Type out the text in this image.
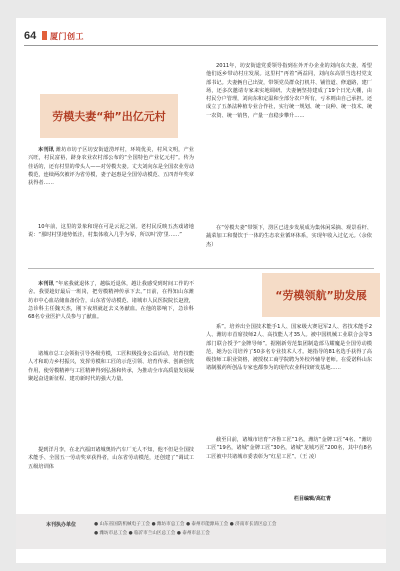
64 厦门创工
劳模夫妻“种”出亿元村
本刊讯 潍坊市坊子区坊安街道涝坪村，环境优美，村风文明，产业兴旺，村民富裕，跻身农业农村部公布的“全国特色产业亿元村”。传为佳话的，还有村里的带头人——对劳模夫妻。丈夫刘向东是全国农业劳动模范，连续两次被评为省劳模，妻子赵惠是全国劳动模范、五四青年奖章获得者……
10年前，这里的景象和现在可是云泥之别。老村民反映五杰戏诸地说：“那时村里地势低洼，村集体收入几乎为零，所以叫‘涝’里……”
2011年，坊安街道党委领导指到在外开办企业的刘向东夫妻，希望他们返乡带动村庄发展。这里村“再着”两益同，刘向东高票当选村党支部书记。夫妻俩自己出资，带领党员群众打机井、铺管道、修道路，建厂场，还多次邀请专家来实地调研。夫妻俩坚持建成了19个日光大棚，由村民分户管理，刘向东和定温和全部分农户所有，亏本则由自己承担。还成立了五条法种植专业合作社，实行统一规划、统一良种、统一技术、统一农资、统一销售，产量一直稳步攀升……
在“劳模夫妻”带领下，涝区已进步发展成为集休闲采摘、观景看杆、蔬菜加工和餐饮于一体的生态农业循环体系，实现年收入过亿元。（余依杰）
本刊讯 “年底我就退休了，越临近退休，越让我感受到时间工作的不舍。我要趁好最后一班岗，把劳模精神传承下去。”日前，在得知山东潍坊市中心血站储血备份告，山东省劳动模范、诸城市人民医院院长赵澄，急诊科主任魏天杰，刚下夜班就赶去义务献血。在他的影响下，急诊科68名专业医护人员参与了献血。
诸城市总工会领衔引导各级劳模，工匠积极投身公益活动，培育技能人才和助力乡村振兴，发挥劳模和工匠的示范引领、培育传承、创新创优作用，使劳模精神与工匠精神得到弘扬和传承，为推动全市高质量发展凝聚起奋进新征程、建功新时代的强大力量。
提到洋月李，在北汽福田诸城奥铃汽车厂无人不知，他不但是全国技术能手、全国五一劳动奖章获得者，山东省劳动模范，还创建了“调试工五级培训体
“劳模领航”助发展
系”。培养出全国技术能手1人、国家级大赛冠军2人、省技术能手2人、潍坊市首席技师2人、高技能人才35人。被中国机械工业联合会等3部门联合授予“金牌导师”。据刚新劳范集团制造部马耀魔是全国劳动模范，她为公司培养了50多名专业技术人才。她指导的81名选手获得了高级技师工职业资格，被授权工商学院聘为外校外辅导老师。在爱诺科山东诸制服药所创品专家也都参为的现代农业科技研发基地……
截至目前，诸城市培育“齐鲁工匠”1名，潍坊“金牌工匠”4名、“潍坊工匠”19名，诸城“金牌工匠”30名，诸城“龙城巧匠”200名，其中有8名工匠被中共诸城市委表彰为“红星工匠”。（王 凌）
栏目编辑/高红青
本刊执办单位	● 山东省国防机械电子工会 ● 潍坊市总工会 ● 泰州市能源局工会 ● 济南市长清区总工会
● 潍坊市总工会 ● 临沂市兰山区总工会 ● 泰州市总工会
